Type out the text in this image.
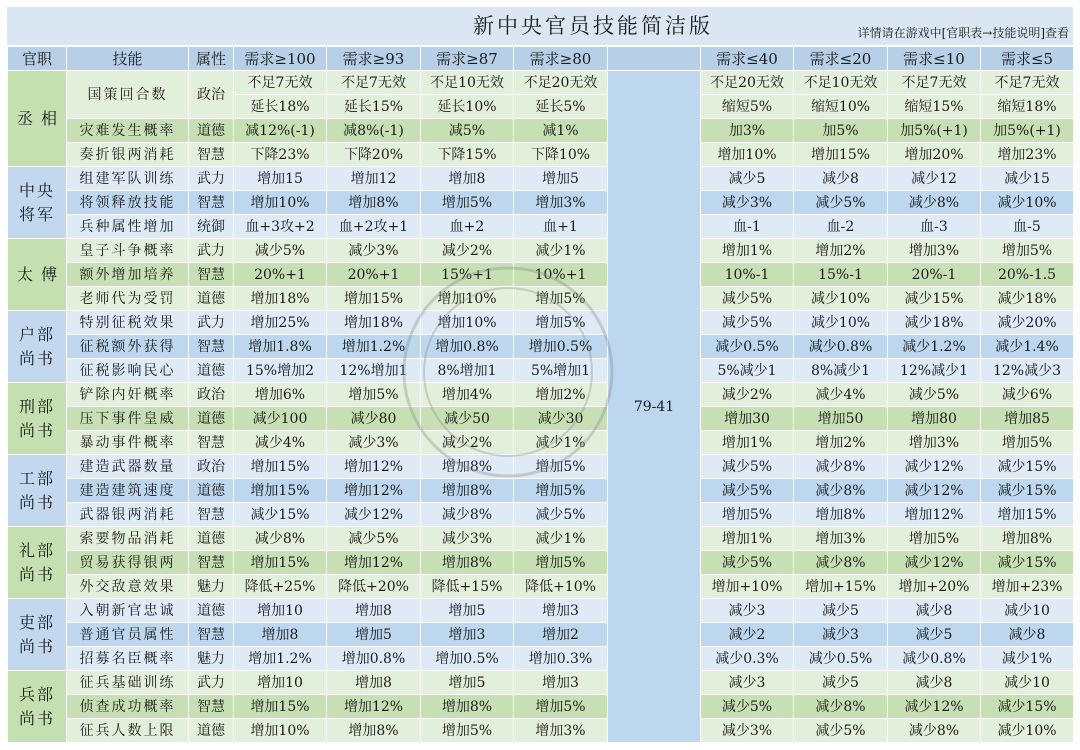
新中央官员技能简洁版	详情请在游戏中[官职表→技能说明]查看
官职	技能	属性	需求≥100	需求≥93	需求≥87	需求≥80		需求≤40	需求≤20	需求≤10	需求≤5
丞相	国策回合数	政治	不足7无效	不足7无效	不足10无效	不足20无效	79-41	不足20无效	不足10无效	不足7无效	不足7无效
			延长18%	延长15%	延长10%	延长5%		缩短5%	缩短10%	缩短15%	缩短18%
	灾难发生概率	道德	减12%(-1)	减8%(-1)	减5%	减1%		加3%	加5%	加5%(+1)	加5%(+1)
	奏折银两消耗	智慧	下降23%	下降20%	下降15%	下降10%		增加10%	增加15%	增加20%	增加23%
中央将军	组建军队训练	武力	增加15	增加12	增加8	增加5		减少5	减少8	减少12	减少15
	将领释放技能	智慧	增加10%	增加8%	增加5%	增加3%		减少3%	减少5%	减少8%	减少10%
	兵种属性增加	统御	血+3攻+2	血+2攻+1	血+2	血+1		血-1	血-2	血-3	血-5
太傅	皇子斗争概率	武力	减少5%	减少3%	减少2%	减少1%		增加1%	增加2%	增加3%	增加5%
	额外增加培养	智慧	20%+1	20%+1	15%+1	10%+1		10%-1	15%-1	20%-1	20%-1.5
	老师代为受罚	道德	增加18%	增加15%	增加10%	增加5%		减少5%	减少10%	减少15%	减少18%
户部尚书	特别征税效果	武力	增加25%	增加18%	增加10%	增加5%		减少5%	减少10%	减少18%	减少20%
	征税额外获得	智慧	增加1.8%	增加1.2%	增加0.8%	增加0.5%		减少0.5%	减少0.8%	减少1.2%	减少1.4%
	征税影响民心	道德	15%增加2	12%增加1	8%增加1	5%增加1		5%减少1	8%减少1	12%减少1	12%减少3
刑部尚书	铲除内奸概率	政治	增加6%	增加5%	增加4%	增加2%		减少2%	减少4%	减少5%	减少6%
	压下事件皇威	道德	减少100	减少80	减少50	减少30		增加30	增加50	增加80	增加85
	暴动事件概率	智慧	减少4%	减少3%	减少2%	减少1%		增加1%	增加2%	增加3%	增加5%
工部尚书	建造武器数量	政治	增加15%	增加12%	增加8%	增加5%		减少5%	减少8%	减少12%	减少15%
	建造建筑速度	道德	增加15%	增加12%	增加8%	增加5%		减少5%	减少8%	减少12%	减少15%
	武器银两消耗	智慧	减少15%	减少12%	减少8%	减少5%		增加5%	增加8%	增加12%	增加15%
礼部尚书	索要物品消耗	道德	减少8%	减少5%	减少3%	减少1%		增加1%	增加3%	增加5%	增加8%
	贸易获得银两	智慧	增加15%	增加12%	增加8%	增加5%		减少5%	减少8%	减少12%	减少15%
	外交敌意效果	魅力	降低+25%	降低+20%	降低+15%	降低+10%		增加+10%	增加+15%	增加+20%	增加+23%
吏部尚书	入朝新官忠诚	道德	增加10	增加8	增加5	增加3		减少3	减少5	减少8	减少10
	普通官员属性	智慧	增加8	增加5	增加3	增加2		减少2	减少3	减少5	减少8
	招募名臣概率	魅力	增加1.2%	增加0.8%	增加0.5%	增加0.3%		减少0.3%	减少0.5%	减少0.8%	减少1%
兵部尚书	征兵基础训练	武力	增加10	增加8	增加5	增加3		减少3	减少5	减少8	减少10
	侦查成功概率	智慧	增加15%	增加12%	增加8%	增加5%		减少5%	减少8%	减少12%	减少15%
	征兵人数上限	道德	增加10%	增加8%	增加5%	增加3%		减少3%	减少5%	减少8%	减少10%
